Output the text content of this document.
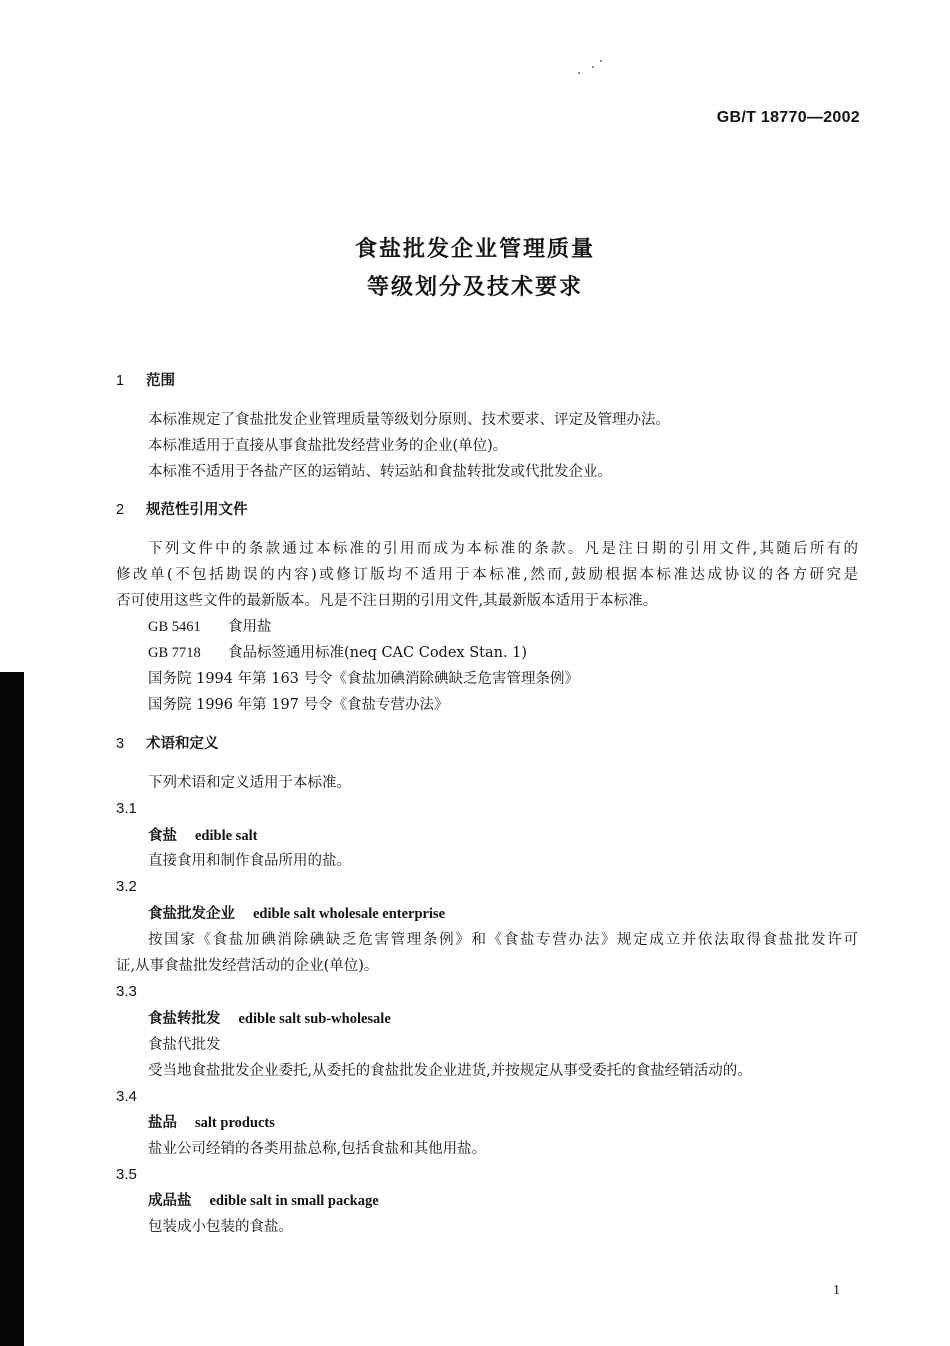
GB/T 18770—2002
食盐批发企业管理质量
等级划分及技术要求
1 范围
本标准规定了食盐批发企业管理质量等级划分原则、技术要求、评定及管理办法。
本标准适用于直接从事食盐批发经营业务的企业(单位)。
本标准不适用于各盐产区的运销站、转运站和食盐转批发或代批发企业。
2 规范性引用文件
下列文件中的条款通过本标准的引用而成为本标准的条款。凡是注日期的引用文件,其随后所有的
修改单(不包括勘误的内容)或修订版均不适用于本标准,然而,鼓励根据本标准达成协议的各方研究是
否可使用这些文件的最新版本。凡是不注日期的引用文件,其最新版本适用于本标准。
GB 5461 食用盐
GB 7718 食品标签通用标准(neq CAC Codex Stan. 1)
国务院 1994 年第 163 号令《食盐加碘消除碘缺乏危害管理条例》
国务院 1996 年第 197 号令《食盐专营办法》
3 术语和定义
下列术语和定义适用于本标准。
3.1
食盐 edible salt
直接食用和制作食品所用的盐。
3.2
食盐批发企业 edible salt wholesale enterprise
按国家《食盐加碘消除碘缺乏危害管理条例》和《食盐专营办法》规定成立并依法取得食盐批发许可
证,从事食盐批发经营活动的企业(单位)。
3.3
食盐转批发 edible salt sub-wholesale
食盐代批发
受当地食盐批发企业委托,从委托的食盐批发企业进货,并按规定从事受委托的食盐经销活动的。
3.4
盐品 salt products
盐业公司经销的各类用盐总称,包括食盐和其他用盐。
3.5
成品盐 edible salt in small package
包装成小包装的食盐。
1
